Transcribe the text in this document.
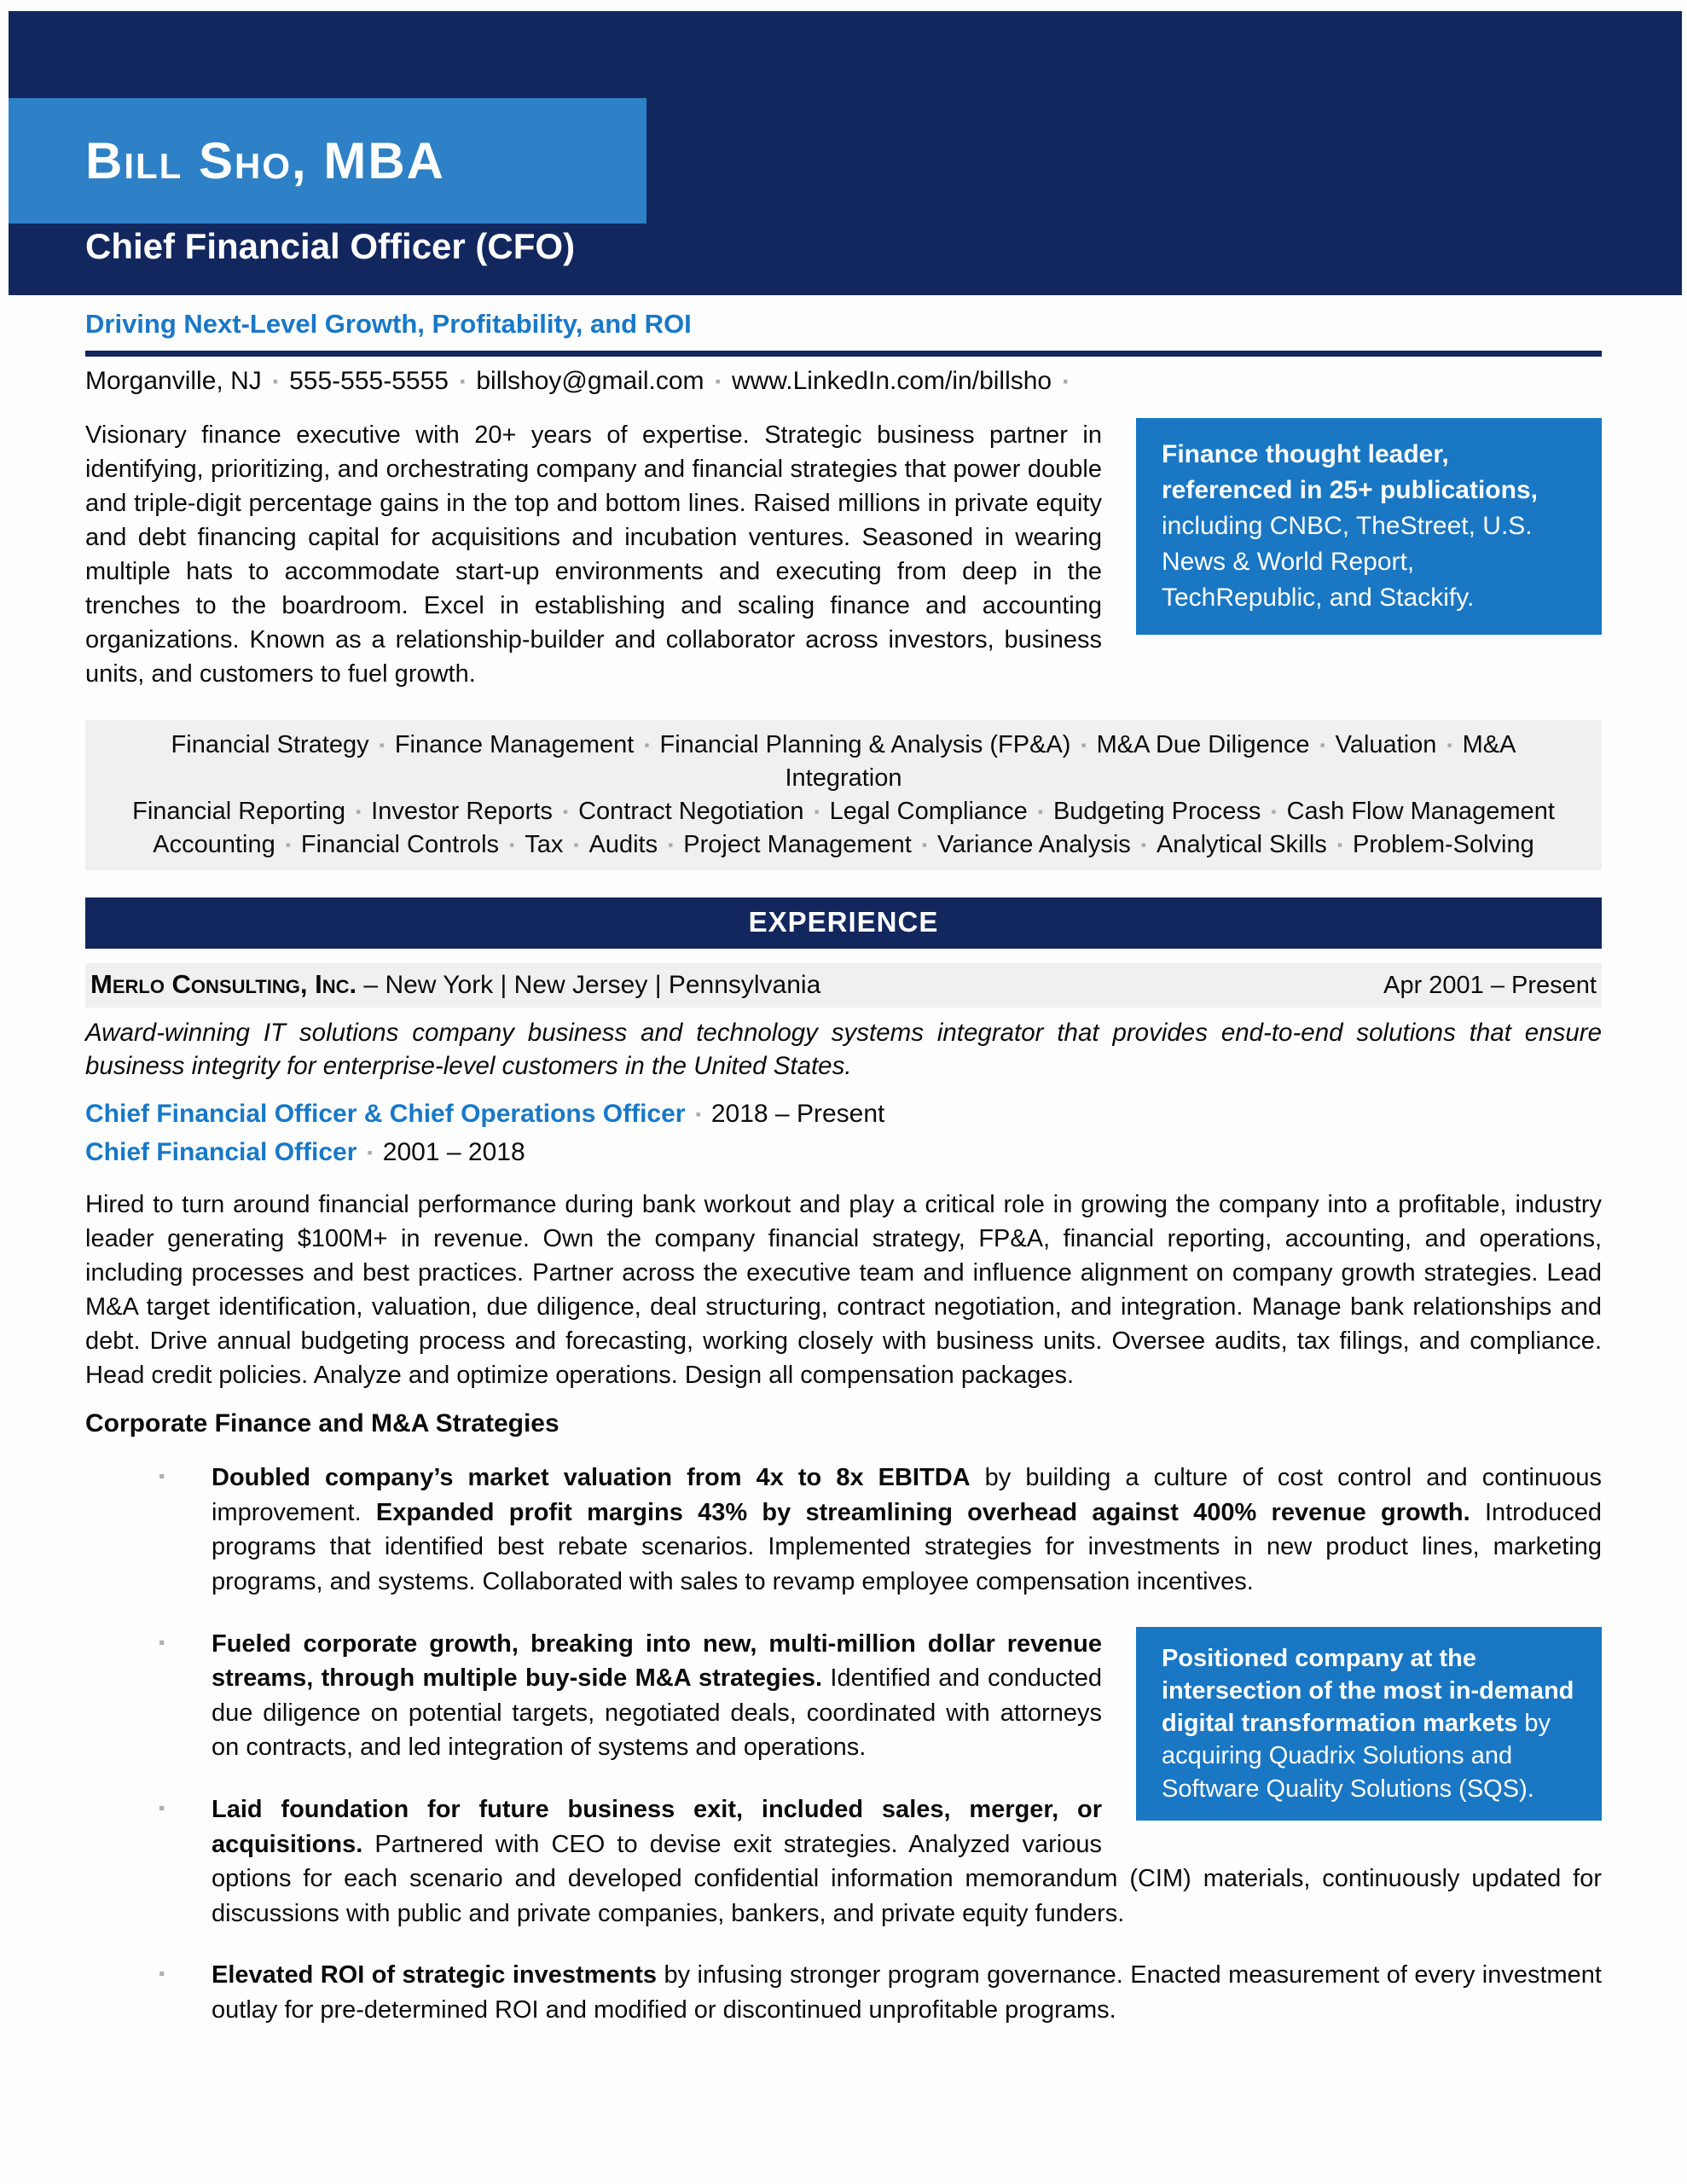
Bill Sho, MBA
Chief Financial Officer (CFO)
Driving Next-Level Growth, Profitability, and ROI
Morganville, NJ ▪ 555-555-5555 ▪ billshoy@gmail.com ▪ www.LinkedIn.com/in/billsho ▪
Finance thought leader, referenced in 25+ publications, including CNBC, TheStreet, U.S. News & World Report, TechRepublic, and Stackify.

Visionary finance executive with 20+ years of expertise. Strategic business partner in identifying, prioritizing, and orchestrating company and financial strategies that power double and triple-digit percentage gains in the top and bottom lines. Raised millions in private equity and debt financing capital for acquisitions and incubation ventures. Seasoned in wearing multiple hats to accommodate start-up environments and executing from deep in the trenches to the boardroom. Excel in establishing and scaling finance and accounting organizations. Known as a relationship-builder and collaborator across investors, business units, and customers to fuel growth.

Financial Strategy ▪ Finance Management ▪ Financial Planning & Analysis (FP&A) ▪ M&A Due Diligence ▪ Valuation ▪ M&A Integration
Financial Reporting ▪ Investor Reports ▪ Contract Negotiation ▪ Legal Compliance ▪ Budgeting Process ▪ Cash Flow Management
Accounting ▪ Financial Controls ▪ Tax ▪ Audits ▪ Project Management ▪ Variance Analysis ▪ Analytical Skills ▪ Problem-Solving
EXPERIENCE
Merlo Consulting, Inc. – New York | New Jersey | Pennsylvania	Apr 2001 – Present

Award-winning IT solutions company business and technology systems integrator that provides end-to-end solutions that ensure business integrity for enterprise-level customers in the United States.

Chief Financial Officer & Chief Operations Officer ▪ 2018 – Present
Chief Financial Officer ▪ 2001 – 2018

Hired to turn around financial performance during bank workout and play a critical role in growing the company into a profitable, industry leader generating $100M+ in revenue. Own the company financial strategy, FP&A, financial reporting, accounting, and operations, including processes and best practices. Partner across the executive team and influence alignment on company growth strategies. Lead M&A target identification, valuation, due diligence, deal structuring, contract negotiation, and integration. Manage bank relationships and debt. Drive annual budgeting process and forecasting, working closely with business units. Oversee audits, tax filings, and compliance. Head credit policies. Analyze and optimize operations. Design all compensation packages.

Corporate Finance and M&A Strategies
▪ Doubled company’s market valuation from 4x to 8x EBITDA by building a culture of cost control and continuous improvement. Expanded profit margins 43% by streamlining overhead against 400% revenue growth. Introduced programs that identified best rebate scenarios. Implemented strategies for investments in new product lines, marketing programs, and systems. Collaborated with sales to revamp employee compensation incentives.
Positioned company at the intersection of the most in-demand digital transformation markets by acquiring Quadrix Solutions and Software Quality Solutions (SQS).
▪ Fueled corporate growth, breaking into new, multi-million dollar revenue streams, through multiple buy-side M&A strategies. Identified and conducted due diligence on potential targets, negotiated deals, coordinated with attorneys on contracts, and led integration of systems and operations.
▪ Laid foundation for future business exit, included sales, merger, or acquisitions. Partnered with CEO to devise exit strategies. Analyzed various options for each scenario and developed confidential information memorandum (CIM) materials, continuously updated for discussions with public and private companies, bankers, and private equity funders.
▪ Elevated ROI of strategic investments by infusing stronger program governance. Enacted measurement of every investment outlay for pre-determined ROI and modified or discontinued unprofitable programs.
